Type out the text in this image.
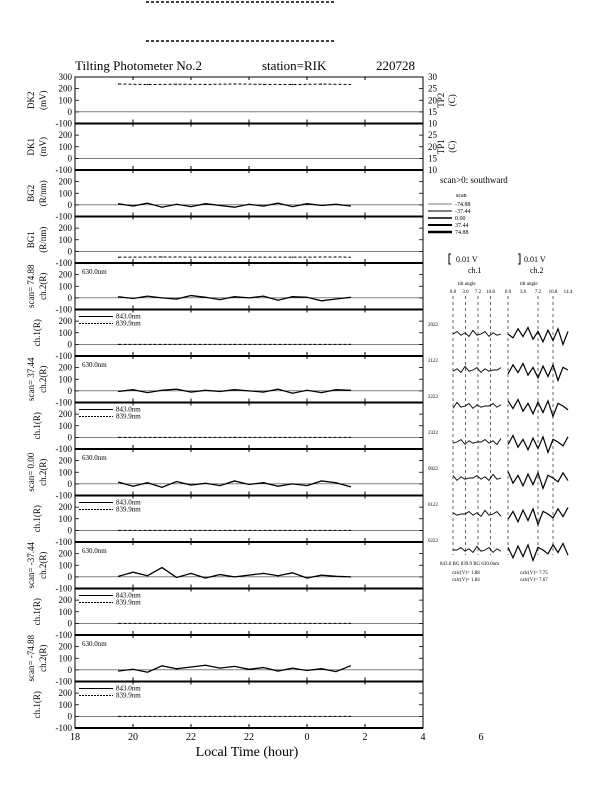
Tilting Photometer No.2	station=RIK	220728
300
200
100
0
-100
DK2 (mV)
30
25
20
15
10
TP2 (C)
200
100
0
-100
DK1 (mV)
25
20
15
10
TP1 (C)
200
100
0
-100
BG2 (R/nm)
200
100
0
-100
BG1 (R/nm)
200
100
0
-100
scan= 74.88 ch.2(R)
630.0nm
200
100
0
-100
ch.1(R)
843.0nm
839.9nm
200
100
0
-100
scan= 37.44 ch.2(R)
630.0nm
200
100
0
-100
ch.1(R)
843.0nm
839.9nm
200
100
0
-100
scan= 0.00 ch.2(R)
630.0nm
200
100
0
-100
ch.1(R)
843.0nm
839.9nm
200
100
0
-100
scan= -37.44 ch.2(R)
630.0nm
200
100
0
-100
ch.1(R)
843.0nm
839.9nm
200
100
0
-100
scan= -74.88 ch.2(R)
630.0nm
200
100
0
-100
ch.1(R)
843.0nm
839.9nm
18	20	22	22	0	2	4	6
Local Time (hour)
scan>0: southward
scan
-74.88
-37.44
0.00
37.44
74.88
0.01 V	0.01 V
ch.1	ch.2
tilt angle	tilt angle
0.0 3.6 7.2 10.8 0.0 3.6 7.2 10.8 14.4
2022
2122
2222
2322
0022
0122
0222
843.0 BG 839.9 BG 630.0nm
calc(V)= 1.88
calc(V)= 1.84
calc(V)= 7.75
calc(V)= 7.67
